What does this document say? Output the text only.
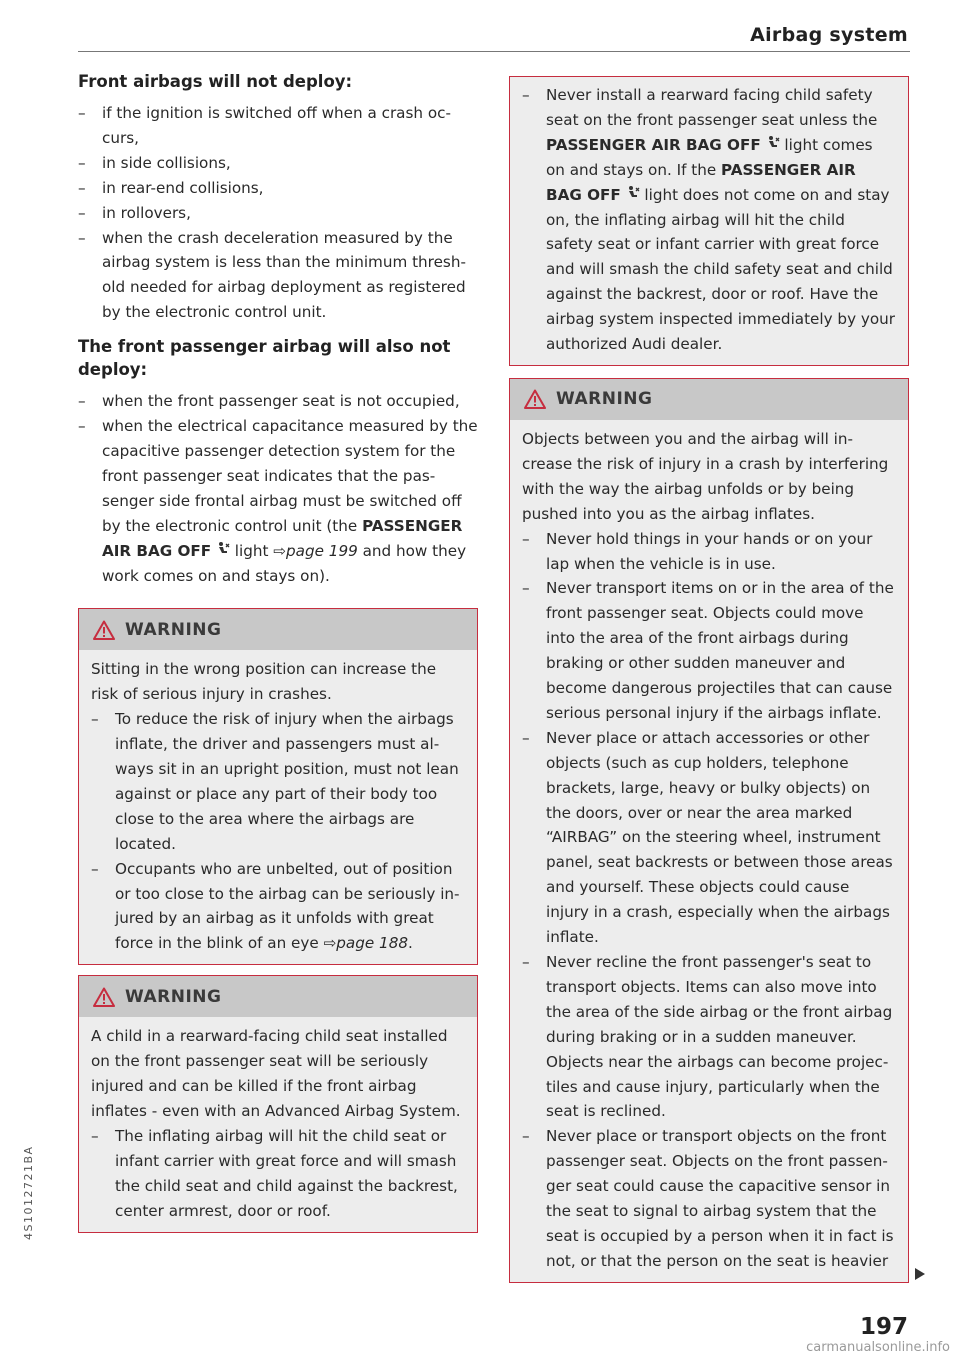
Airbag system
Front airbags will not deploy:
– if the ignition is switched off when a crash occurs,
– in side collisions,
– in rear-end collisions,
– in rollovers,
– when the crash deceleration measured by the airbag system is less than the minimum threshold needed for airbag deployment as registered by the electronic control unit.
The front passenger airbag will also not deploy:
– when the front passenger seat is not occupied,
– when the electrical capacitance measured by the capacitive passenger detection system for the front passenger seat indicates that the passenger side frontal airbag must be switched off by the electronic control unit (the PASSENGER AIR BAG OFF  light ⇨page 199 and how they work comes on and stays on).
WARNING
Sitting in the wrong position can increase the risk of serious injury in crashes.
– To reduce the risk of injury when the airbags inflate, the driver and passengers must always sit in an upright position, must not lean against or place any part of their body too close to the area where the airbags are located.
– Occupants who are unbelted, out of position or too close to the airbag can be seriously injured by an airbag as it unfolds with great force in the blink of an eye ⇨page 188.
WARNING
A child in a rearward-facing child seat installed on the front passenger seat will be seriously injured and can be killed if the front airbag inflates - even with an Advanced Airbag System.
– The inflating airbag will hit the child seat or infant carrier with great force and will smash the child seat and child against the backrest, center armrest, door or roof.
– Never install a rearward facing child safety seat on the front passenger seat unless the PASSENGER AIR BAG OFF  light comes on and stays on. If the PASSENGER AIR BAG OFF  light does not come on and stay on, the inflating airbag will hit the child safety seat or infant carrier with great force and will smash the child safety seat and child against the backrest, door or roof. Have the airbag system inspected immediately by your authorized Audi dealer.
WARNING
Objects between you and the airbag will increase the risk of injury in a crash by interfering with the way the airbag unfolds or by being pushed into you as the airbag inflates.
– Never hold things in your hands or on your lap when the vehicle is in use.
– Never transport items on or in the area of the front passenger seat. Objects could move into the area of the front airbags during braking or other sudden maneuver and become dangerous projectiles that can cause serious personal injury if the airbags inflate.
– Never place or attach accessories or other objects (such as cup holders, telephone brackets, large, heavy or bulky objects) on the doors, over or near the area marked “AIRBAG” on the steering wheel, instrument panel, seat backrests or between those areas and yourself. These objects could cause injury in a crash, especially when the airbags inflate.
– Never recline the front passenger's seat to transport objects. Items can also move into the area of the side airbag or the front airbag during braking or in a sudden maneuver. Objects near the airbags can become projectiles and cause injury, particularly when the seat is reclined.
– Never place or transport objects on the front passenger seat. Objects on the front passenger seat could cause the capacitive sensor in the seat to signal to airbag system that the seat is occupied by a person when it in fact is not, or that the person on the seat is heavier
4S1012721BA
197
carmanualsonline.info
